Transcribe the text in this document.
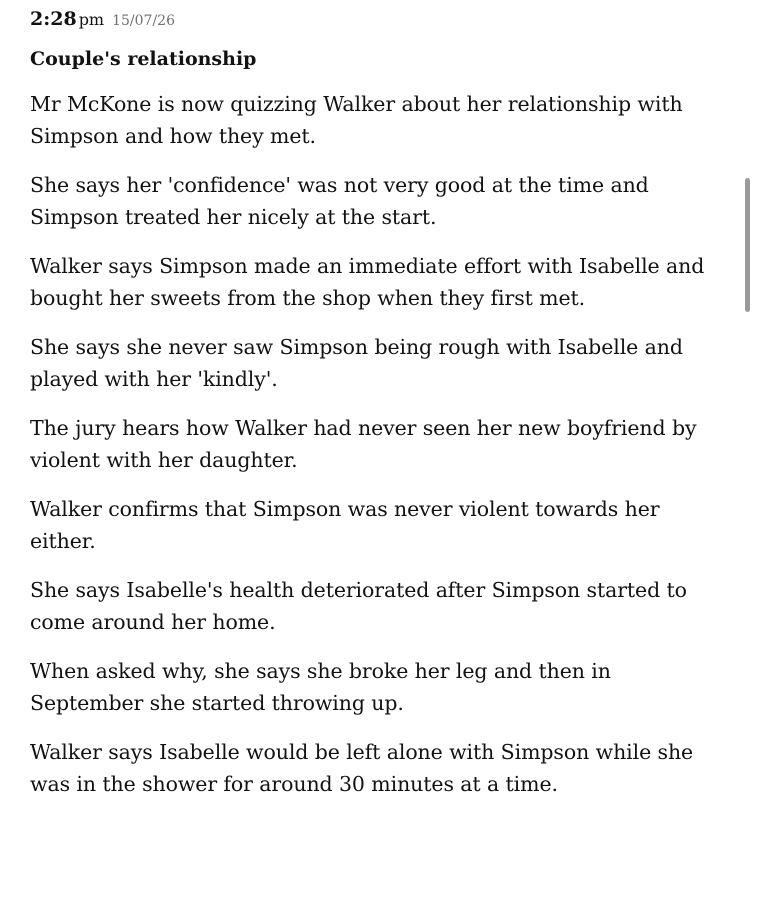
2:28 pm 15/07/26
Couple's relationship

Mr McKone is now quizzing Walker about her relationship with Simpson and how they met.

She says her 'confidence' was not very good at the time and Simpson treated her nicely at the start.

Walker says Simpson made an immediate effort with Isabelle and bought her sweets from the shop when they first met.

She says she never saw Simpson being rough with Isabelle and played with her 'kindly'.

The jury hears how Walker had never seen her new boyfriend by violent with her daughter.

Walker confirms that Simpson was never violent towards her either.

She says Isabelle's health deteriorated after Simpson started to come around her home.

When asked why, she says she broke her leg and then in September she started throwing up.

Walker says Isabelle would be left alone with Simpson while she was in the shower for around 30 minutes at a time.
